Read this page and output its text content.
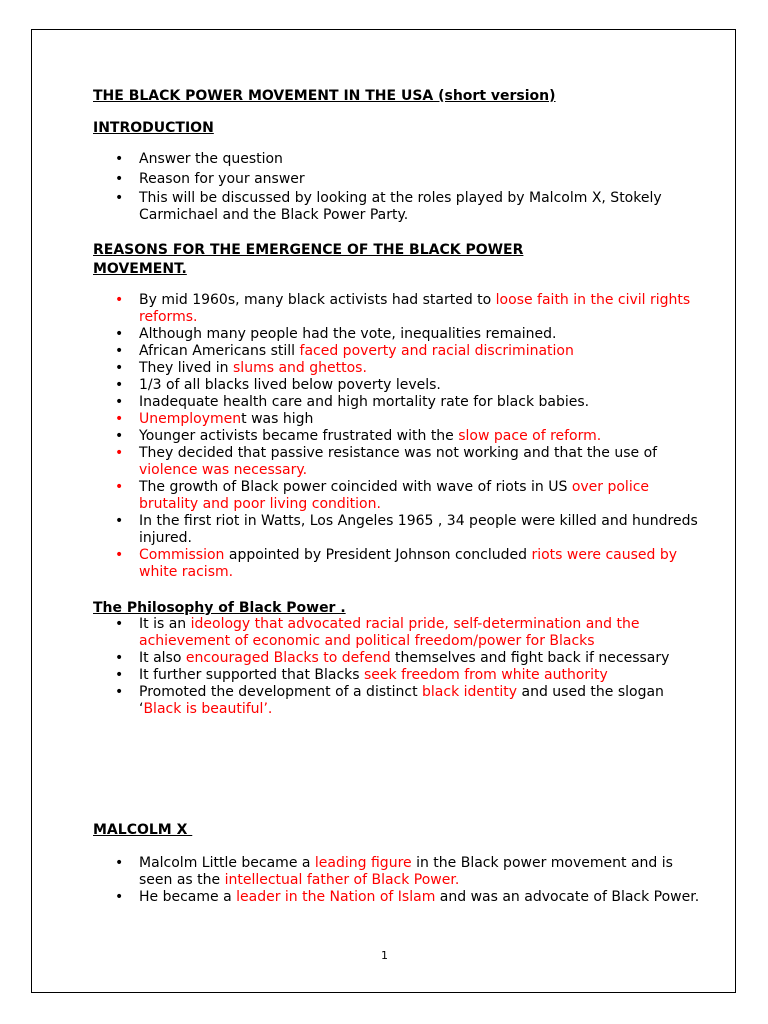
THE BLACK POWER MOVEMENT IN THE USA (short version)
INTRODUCTION
• Answer the question
• Reason for your answer
• This will be discussed by looking at the roles played by Malcolm X, Stokely Carmichael and the Black Power Party.
REASONS FOR THE EMERGENCE OF THE BLACK POWER MOVEMENT.
• By mid 1960s, many black activists had started to loose faith in the civil rights reforms.
• Although many people had the vote, inequalities remained.
• African Americans still faced poverty and racial discrimination
• They lived in slums and ghettos.
• 1/3 of all blacks lived below poverty levels.
• Inadequate health care and high mortality rate for black babies.
• Unemployment was high
• Younger activists became frustrated with the slow pace of reform.
• They decided that passive resistance was not working and that the use of violence was necessary.
• The growth of Black power coincided with wave of riots in US over police brutality and poor living condition.
• In the first riot in Watts, Los Angeles 1965 , 34 people were killed and hundreds injured.
• Commission appointed by President Johnson concluded riots were caused by white racism.
The Philosophy of Black Power .
• It is an ideology that advocated racial pride, self-determination and the achievement of economic and political freedom/power for Blacks
• It also encouraged Blacks to defend themselves and fight back if necessary
• It further supported that Blacks seek freedom from white authority
• Promoted the development of a distinct black identity and used the slogan ‘Black is beautiful’.
MALCOLM X
• Malcolm Little became a leading figure in the Black power movement and is seen as the intellectual father of Black Power.
• He became a leader in the Nation of Islam and was an advocate of Black Power.
1
